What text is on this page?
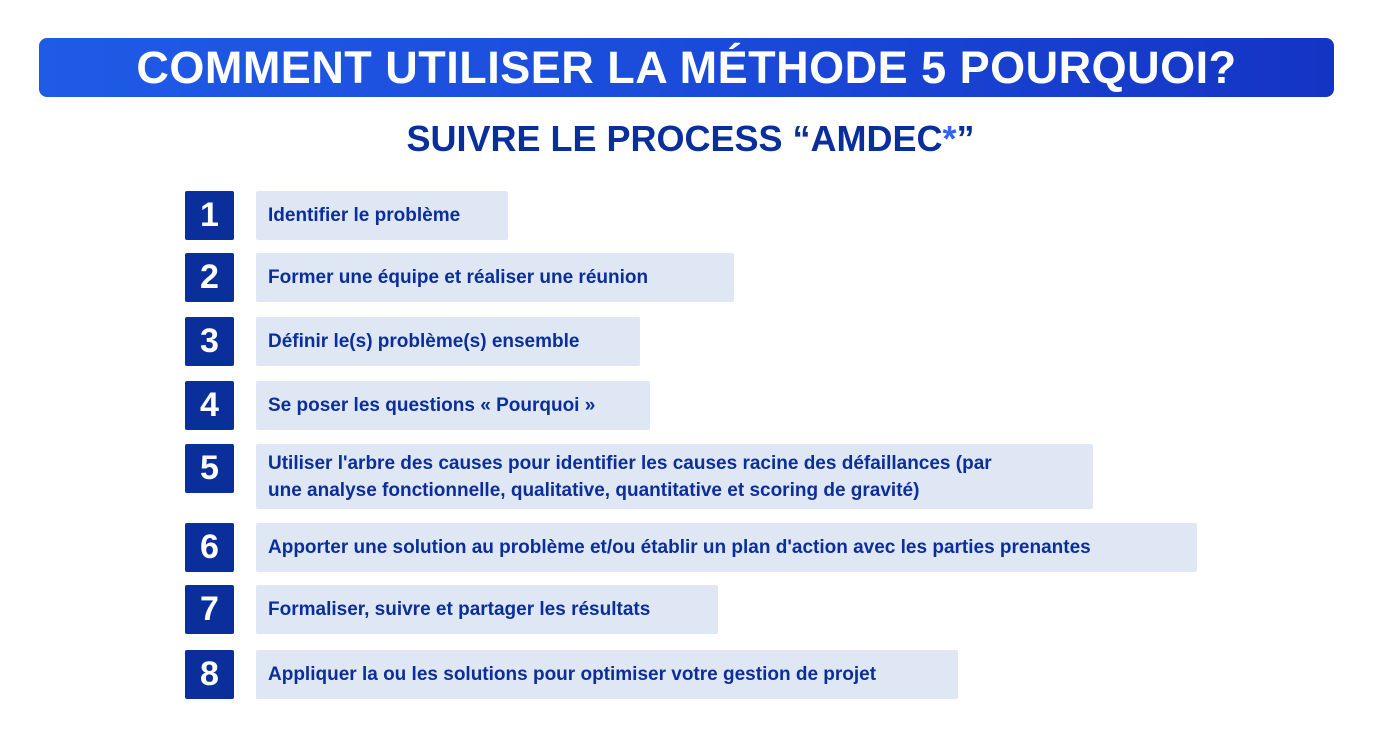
COMMENT UTILISER LA MÉTHODE 5 POURQUOI?
SUIVRE LE PROCESS “AMDEC*”
1	Identifier le problème
2	Former une équipe et réaliser une réunion
3	Définir le(s) problème(s) ensemble
4	Se poser les questions « Pourquoi »
5	Utiliser l'arbre des causes pour identifier les causes racine des défaillances (par
une analyse fonctionnelle, qualitative, quantitative et scoring de gravité)
6	Apporter une solution au problème et/ou établir un plan d'action avec les parties prenantes
7	Formaliser, suivre et partager les résultats
8	Appliquer la ou les solutions pour optimiser votre gestion de projet
